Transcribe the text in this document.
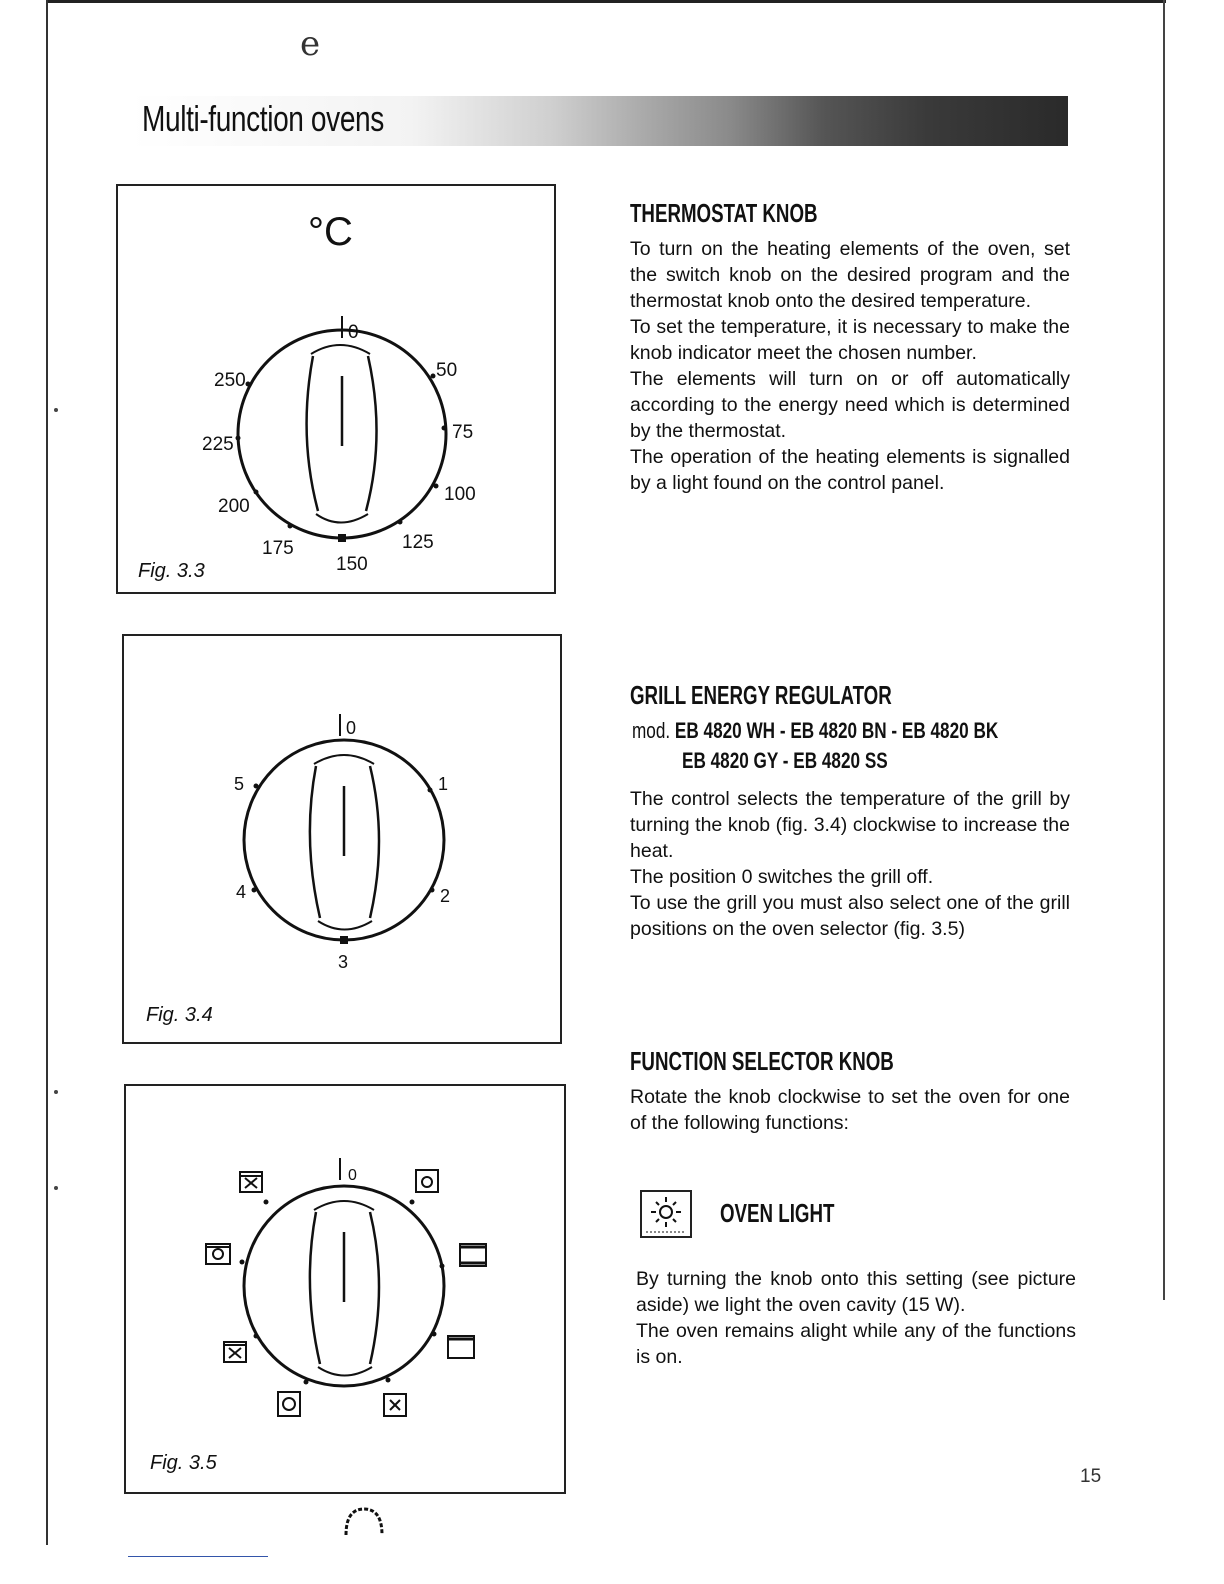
e
Multi-function ovens
°C
0
50
75
100
125
150
175
200
225
250
Fig. 3.3
0
1
2
3
4
5
Fig. 3.4
0
Fig. 3.5
THERMOSTAT KNOB

To turn on the heating elements of the oven, set the switch knob on the desired program and the thermostat knob onto the desired temperature.

To set the temperature, it is necessary to make the knob indicator meet the chosen number.

The elements will turn on or off automatically according to the energy need which is determined by the thermostat.

The operation of the heating elements is signalled by a light found on the control panel.

GRILL ENERGY REGULATOR
mod. EB 4820 WH - EB 4820 BN - EB 4820 BK
EB 4820 GY - EB 4820 SS

The control selects the temperature of the grill by turning the knob (fig. 3.4) clockwise to increase the heat.

The position 0 switches the grill off.

To use the grill you must also select one of the grill positions on the oven selector (fig. 3.5)

FUNCTION SELECTOR KNOB

Rotate the knob clockwise to set the oven for one of the following functions:

OVEN LIGHT

By turning the knob onto this setting (see picture aside) we light the oven cavity (15 W).

The oven remains alight while any of the functions is on.

15
